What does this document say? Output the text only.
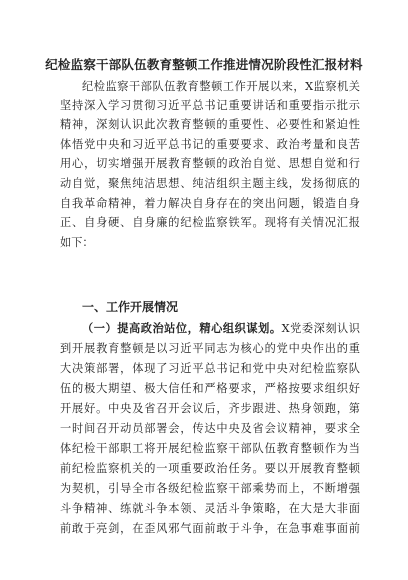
纪检监察干部队伍教育整顿工作推进情况阶段性汇报材料
纪检监察干部队伍教育整顿工作开展以来，X监察机关
坚持深入学习贯彻习近平总书记重要讲话和重要指示批示
精神，深刻认识此次教育整顿的重要性、必要性和紧迫性
体悟党中央和习近平总书记的重要要求、政治考量和良苦
用心，切实增强开展教育整顿的政治自觉、思想自觉和行
动自觉，聚焦纯洁思想、纯洁组织主题主线，发扬彻底的
自我革命精神，着力解决自身存在的突出问题，锻造自身
正、自身硬、自身廉的纪检监察铁军。现将有关情况汇报
如下：
一、工作开展情况
（一）提高政治站位，精心组织谋划。X党委深刻认识
到开展教育整顿是以习近平同志为核心的党中央作出的重
大决策部署，体现了习近平总书记和党中央对纪检监察队
伍的极大期望、极大信任和严格要求，严格按要求组织好
开展好。中央及省召开会议后，齐步跟进、热身领跑，第
一时间召开动员部署会，传达中央及省会议精神，要求全
体纪检干部职工将开展纪检监察干部队伍教育整顿作为当
前纪检监察机关的一项重要政治任务。要以开展教育整顿
为契机，引导全市各级纪检监察干部乘势而上，不断增强
斗争精神、练就斗争本领、灵活斗争策略，在大是大非面
前敢于亮剑，在歪风邪气面前敢于斗争，在急事难事面前
